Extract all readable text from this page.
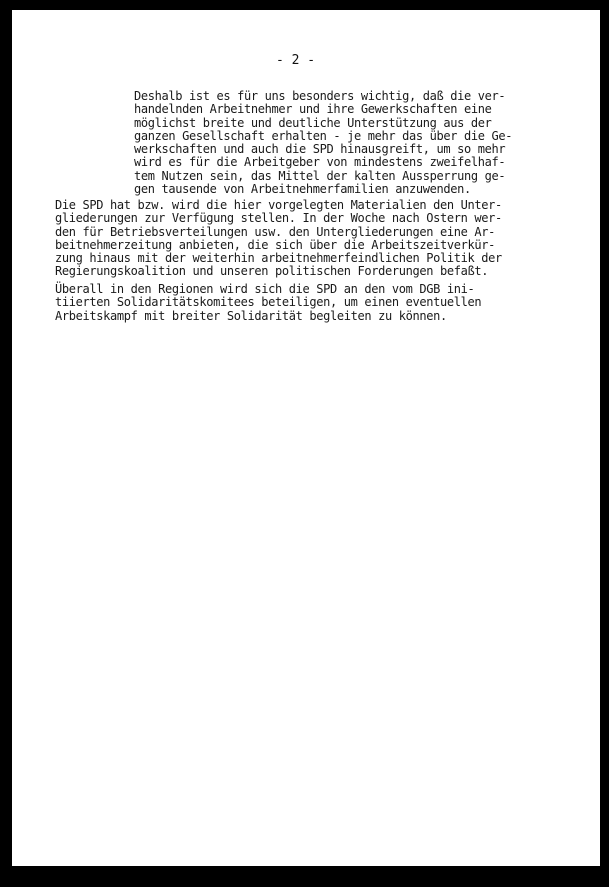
- 2 -
Deshalb ist es für uns besonders wichtig, daß die ver-
handelnden Arbeitnehmer und ihre Gewerkschaften eine
möglichst breite und deutliche Unterstützung aus der
ganzen Gesellschaft erhalten - je mehr das über die Ge-
werkschaften und auch die SPD hinausgreift, um so mehr
wird es für die Arbeitgeber von mindestens zweifelhaf-
tem Nutzen sein, das Mittel der kalten Aussperrung ge-
gen tausende von Arbeitnehmerfamilien anzuwenden.
Die SPD hat bzw. wird die hier vorgelegten Materialien den Unter-
gliederungen zur Verfügung stellen. In der Woche nach Ostern wer-
den für Betriebsverteilungen usw. den Untergliederungen eine Ar-
beitnehmerzeitung anbieten, die sich über die Arbeitszeitverkür-
zung hinaus mit der weiterhin arbeitnehmerfeindlichen Politik der
Regierungskoalition und unseren politischen Forderungen befaßt.
Überall in den Regionen wird sich die SPD an den vom DGB ini-
tiierten Solidaritätskomitees beteiligen, um einen eventuellen
Arbeitskampf mit breiter Solidarität begleiten zu können.
